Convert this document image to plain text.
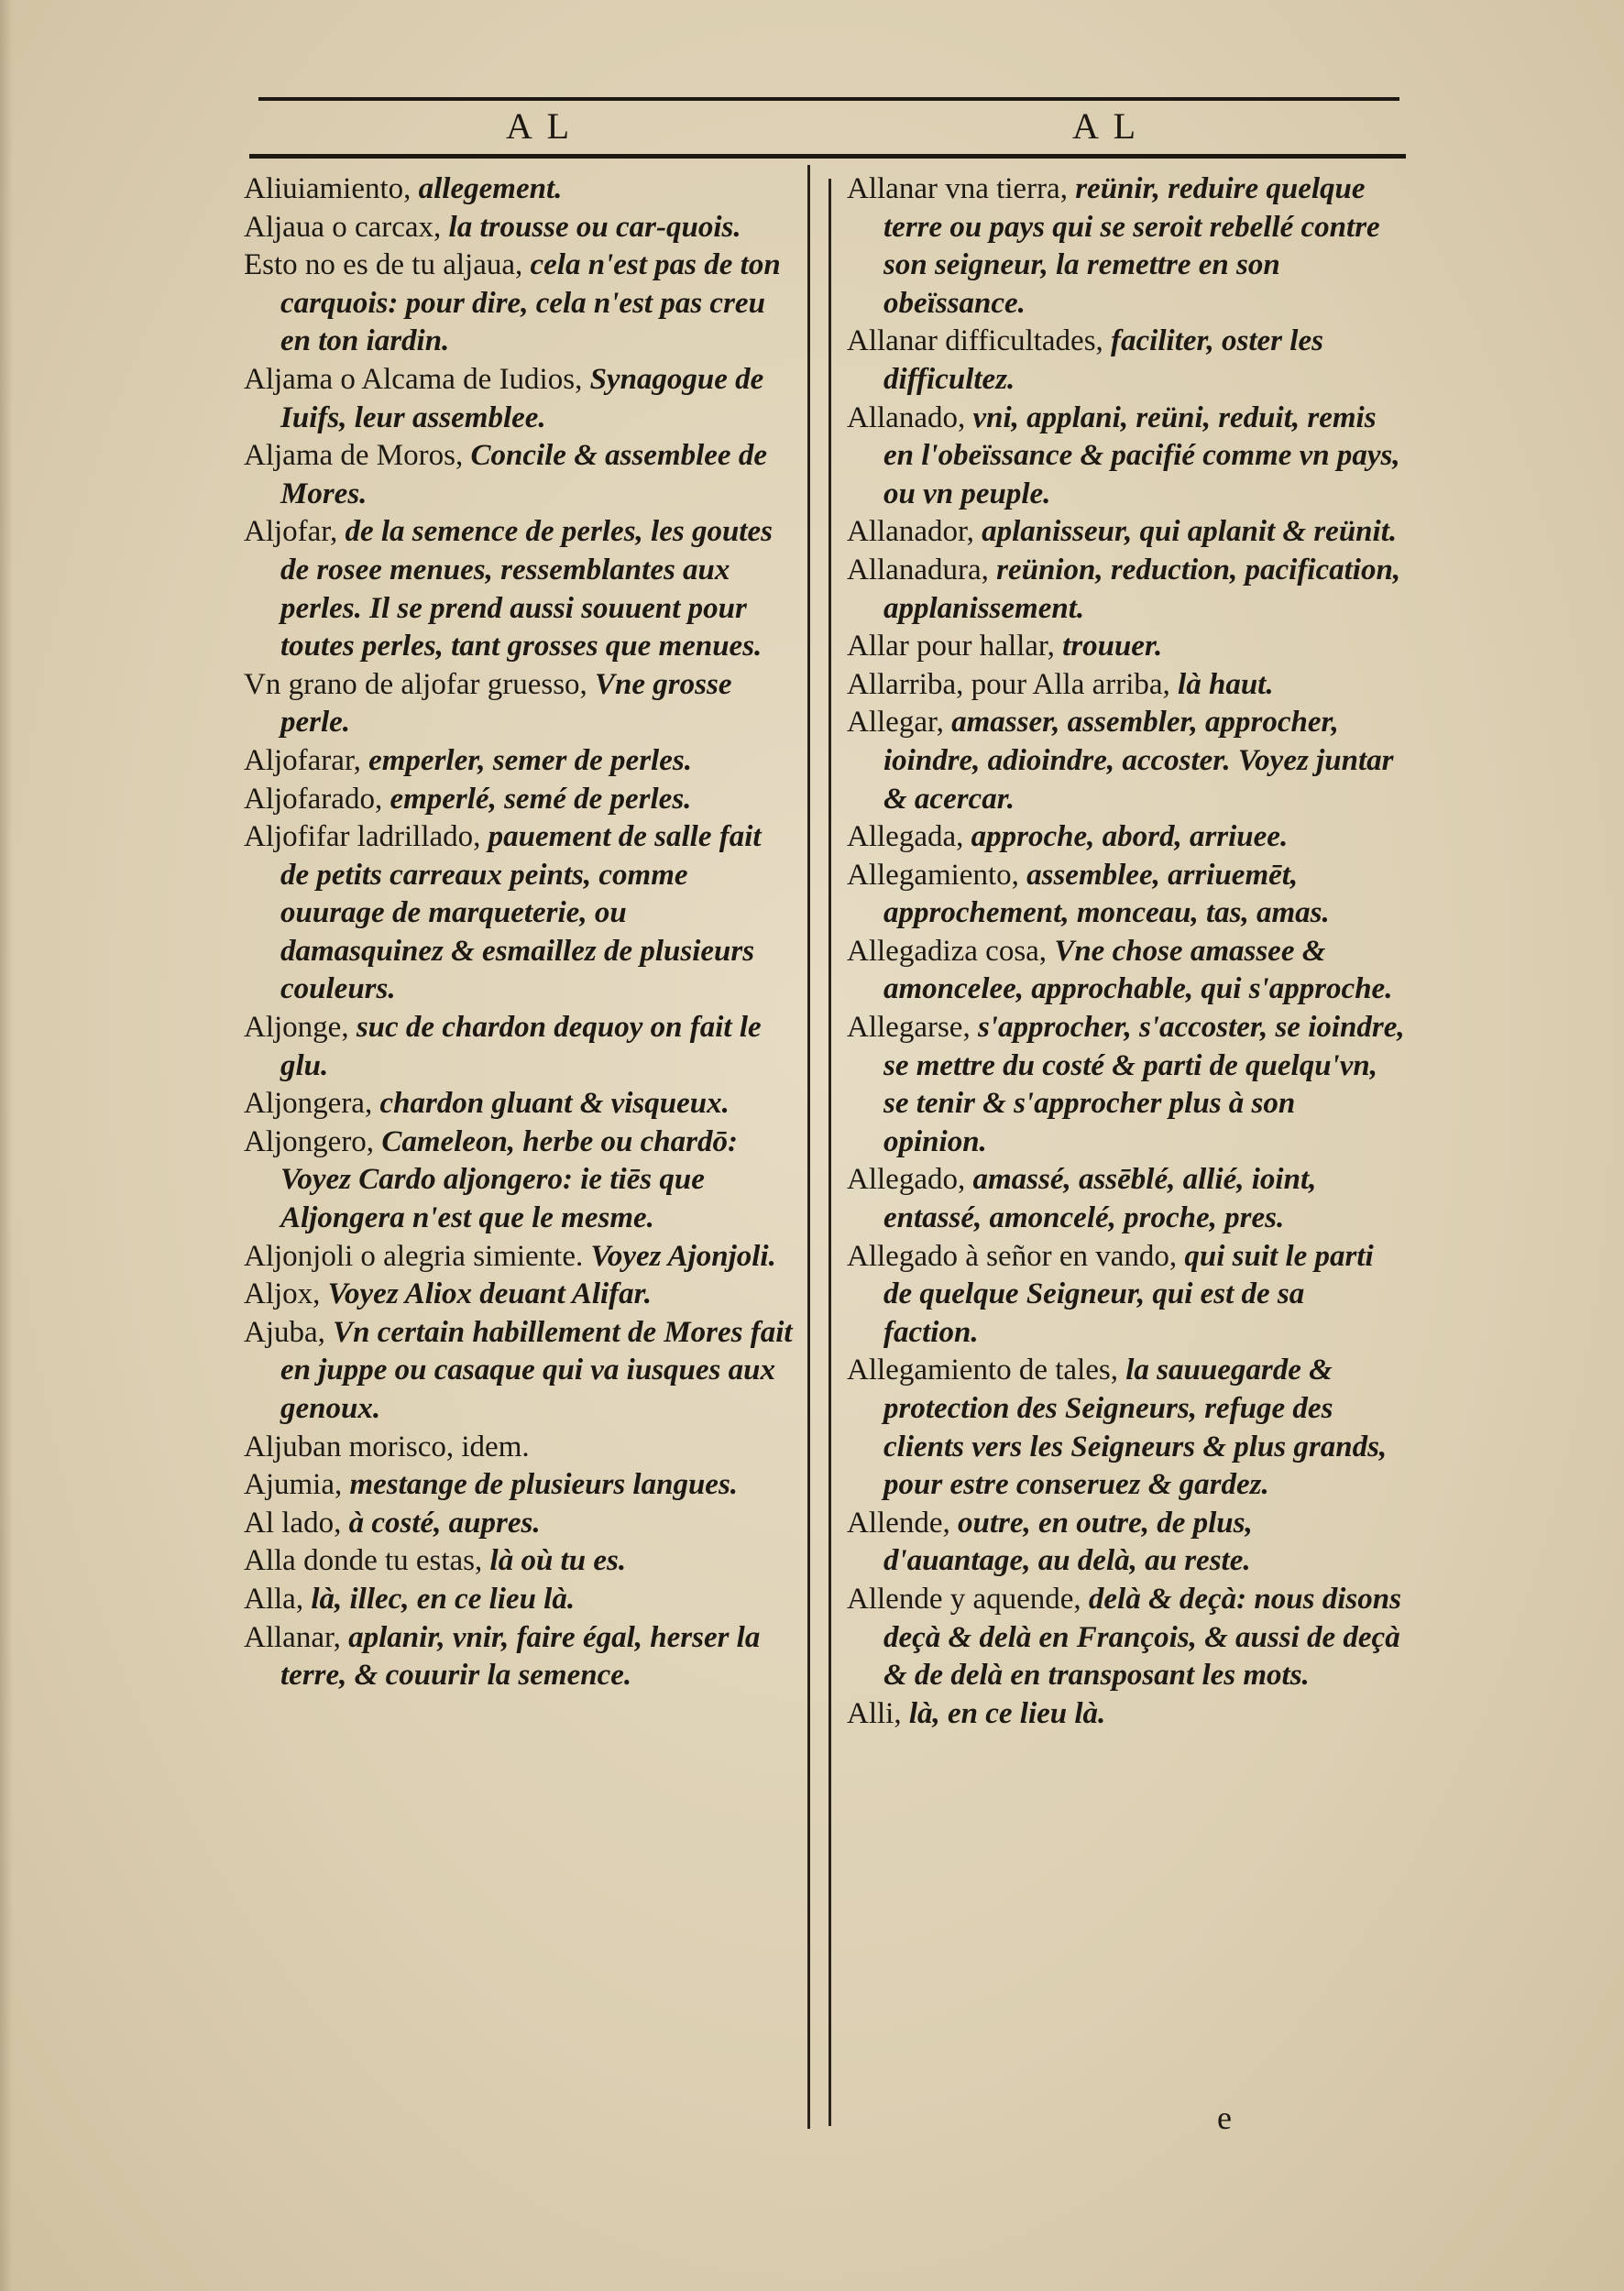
A L	A L
Aliuiamiento, allegement.
Aljaua o carcax, la trousse ou car-quois.
Esto no es de tu aljaua, cela n'est pas de ton carquois: pour dire, cela n'est pas creu en ton iardin.
Aljama o Alcama de Iudios, Synagogue de Iuifs, leur assemblee.
Aljama de Moros, Concile & assemblee de Mores.
Aljofar, de la semence de perles, les goutes de rosee menues, ressemblantes aux perles. Il se prend aussi souuent pour toutes perles, tant grosses que menues.
Vn grano de aljofar gruesso, Vne grosse perle.
Aljofarar, emperler, semer de perles.
Aljofarado, emperlé, semé de perles.
Aljofifar ladrillado, pauement de salle fait de petits carreaux peints, comme ouurage de marqueterie, ou damasquinez & esmaillez de plusieurs couleurs.
Aljonge, suc de chardon dequoy on fait le glu.
Aljongera, chardon gluant & visqueux.
Aljongero, Cameleon, herbe ou chardō: Voyez Cardo aljongero: ie tiēs que Aljongera n'est que le mesme.
Aljonjoli o alegria simiente. Voyez Ajonjoli.
Aljox, Voyez Aliox deuant Alifar.
Ajuba, Vn certain habillement de Mores fait en juppe ou casaque qui va iusques aux genoux.
Aljuban morisco, idem.
Ajumia, mestange de plusieurs langues.
Al lado, à costé, aupres.
Alla donde tu estas, là où tu es.
Alla, là, illec, en ce lieu là.
Allanar, aplanir, vnir, faire égal, herser la terre, & couurir la semence.
Allanar vna tierra, reünir, reduire quelque terre ou pays qui se seroit rebellé contre son seigneur, la remettre en son obeïssance.
Allanar difficultades, faciliter, oster les difficultez.
Allanado, vni, applani, reüni, reduit, remis en l'obeïssance & pacifié comme vn pays, ou vn peuple.
Allanador, aplanisseur, qui aplanit & reünit.
Allanadura, reünion, reduction, pacification, applanissement.
Allar pour hallar, trouuer.
Allarriba, pour Alla arriba, là haut.
Allegar, amasser, assembler, approcher, ioindre, adioindre, accoster. Voyez juntar & acercar.
Allegada, approche, abord, arriuee.
Allegamiento, assemblee, arriuemēt, approchement, monceau, tas, amas.
Allegadiza cosa, Vne chose amassee & amoncelee, approchable, qui s'approche.
Allegarse, s'approcher, s'accoster, se ioindre, se mettre du costé & parti de quelqu'vn, se tenir & s'approcher plus à son opinion.
Allegado, amassé, assēblé, allié, ioint, entassé, amoncelé, proche, pres.
Allegado à señor en vando, qui suit le parti de quelque Seigneur, qui est de sa faction.
Allegamiento de tales, la sauuegarde & protection des Seigneurs, refuge des clients vers les Seigneurs & plus grands, pour estre conseruez & gardez.
Allende, outre, en outre, de plus, d'auantage, au delà, au reste.
Allende y aquende, delà & deçà: nous disons deçà & delà en François, & aussi de deçà & de delà en transposant les mots.
Alli, là, en ce lieu là.
e
